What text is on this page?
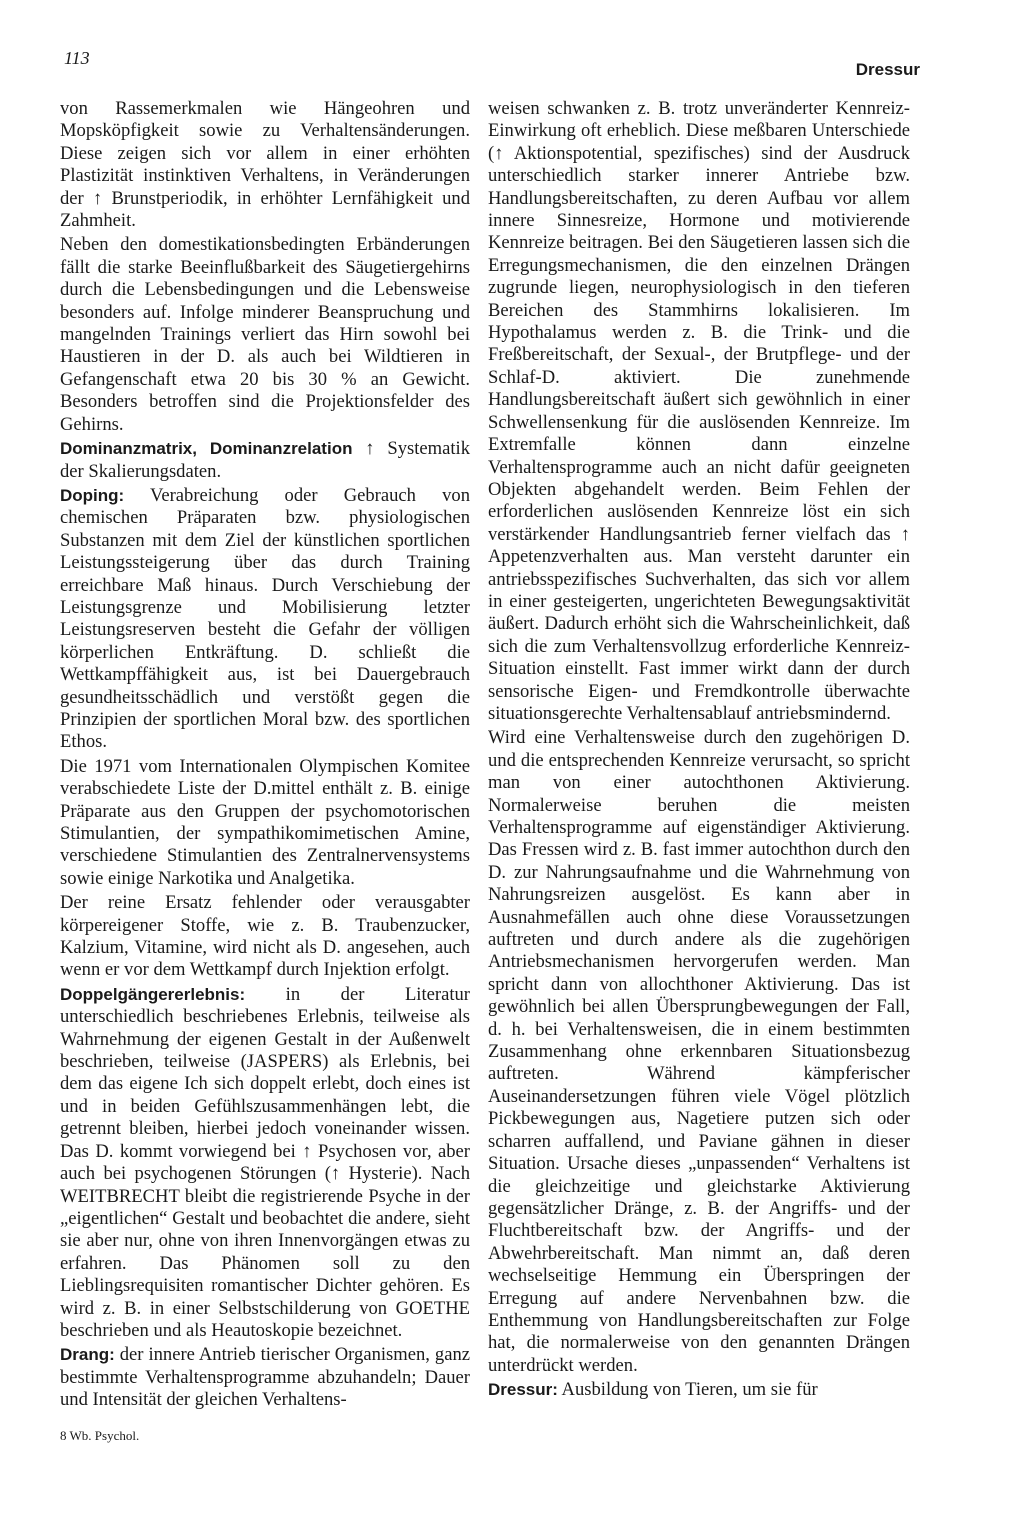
113
Dressur

von Rassemerkmalen wie Hängeohren und Mopsköpfigkeit sowie zu Verhaltensänderungen. Diese zeigen sich vor allem in einer erhöhten Plastizität instinktiven Verhaltens, in Veränderungen der ↑ Brunstperiodik, in erhöhter Lernfähigkeit und Zahmheit.

Neben den domestikationsbedingten Erbänderungen fällt die starke Beeinflußbarkeit des Säugetiergehirns durch die Lebensbedingungen und die Lebensweise besonders auf. Infolge minderer Beanspruchung und mangelnden Trainings verliert das Hirn sowohl bei Haustieren in der D. als auch bei Wildtieren in Gefangenschaft etwa 20 bis 30 % an Gewicht. Besonders betroffen sind die Projektionsfelder des Gehirns.

Dominanzmatrix, Dominanzrelation ↑ Systematik der Skalierungsdaten.

Doping: Verabreichung oder Gebrauch von chemischen Präparaten bzw. physiologischen Substanzen mit dem Ziel der künstlichen sportlichen Leistungssteigerung über das durch Training erreichbare Maß hinaus. Durch Verschiebung der Leistungsgrenze und Mobilisierung letzter Leistungsreserven besteht die Gefahr der völligen körperlichen Entkräftung. D. schließt die Wettkampffähigkeit aus, ist bei Dauergebrauch gesundheitsschädlich und verstößt gegen die Prinzipien der sportlichen Moral bzw. des sportlichen Ethos.

Die 1971 vom Internationalen Olympischen Komitee verabschiedete Liste der D.mittel enthält z. B. einige Präparate aus den Gruppen der psychomotorischen Stimulantien, der sympathikomimetischen Amine, verschiedene Stimulantien des Zentralnervensystems sowie einige Narkotika und Analgetika.

Der reine Ersatz fehlender oder verausgabter körpereigener Stoffe, wie z. B. Traubenzucker, Kalzium, Vitamine, wird nicht als D. angesehen, auch wenn er vor dem Wettkampf durch Injektion erfolgt.

Doppelgängererlebnis: in der Literatur unterschiedlich beschriebenes Erlebnis, teilweise als Wahrnehmung der eigenen Gestalt in der Außenwelt beschrieben, teilweise (JASPERS) als Erlebnis, bei dem das eigene Ich sich doppelt erlebt, doch eines ist und in beiden Gefühlszusammenhängen lebt, die getrennt bleiben, hierbei jedoch voneinander wissen. Das D. kommt vorwiegend bei ↑ Psychosen vor, aber auch bei psychogenen Störungen (↑ Hysterie). Nach WEITBRECHT bleibt die registrierende Psyche in der „eigentlichen“ Gestalt und beobachtet die andere, sieht sie aber nur, ohne von ihren Innenvorgängen etwas zu erfahren. Das Phänomen soll zu den Lieblingsrequisiten romantischer Dichter gehören. Es wird z. B. in einer Selbstschilderung von GOETHE beschrieben und als Heautoskopie bezeichnet.

Drang: der innere Antrieb tierischer Organismen, ganz bestimmte Verhaltensprogramme abzuhandeln; Dauer und Intensität der gleichen Verhaltens-

weisen schwanken z. B. trotz unveränderter Kennreiz-Einwirkung oft erheblich. Diese meßbaren Unterschiede (↑ Aktionspotential, spezifisches) sind der Ausdruck unterschiedlich starker innerer Antriebe bzw. Handlungsbereitschaften, zu deren Aufbau vor allem innere Sinnesreize, Hormone und motivierende Kennreize beitragen. Bei den Säugetieren lassen sich die Erregungsmechanismen, die den einzelnen Drängen zugrunde liegen, neurophysiologisch in den tieferen Bereichen des Stammhirns lokalisieren. Im Hypothalamus werden z. B. die Trink- und die Freßbereitschaft, der Sexual-, der Brutpflege- und der Schlaf-D. aktiviert. Die zunehmende Handlungsbereitschaft äußert sich gewöhnlich in einer Schwellensenkung für die auslösenden Kennreize. Im Extremfalle können dann einzelne Verhaltensprogramme auch an nicht dafür geeigneten Objekten abgehandelt werden. Beim Fehlen der erforderlichen auslösenden Kennreize löst ein sich verstärkender Handlungsantrieb ferner vielfach das ↑ Appetenzverhalten aus. Man versteht darunter ein antriebsspezifisches Suchverhalten, das sich vor allem in einer gesteigerten, ungerichteten Bewegungsaktivität äußert. Dadurch erhöht sich die Wahrscheinlichkeit, daß sich die zum Verhaltensvollzug erforderliche Kennreiz-Situation einstellt. Fast immer wirkt dann der durch sensorische Eigen- und Fremdkontrolle überwachte situationsgerechte Verhaltensablauf antriebsmindernd.

Wird eine Verhaltensweise durch den zugehörigen D. und die entsprechenden Kennreize verursacht, so spricht man von einer autochthonen Aktivierung. Normalerweise beruhen die meisten Verhaltensprogramme auf eigenständiger Aktivierung. Das Fressen wird z. B. fast immer autochthon durch den D. zur Nahrungsaufnahme und die Wahrnehmung von Nahrungsreizen ausgelöst. Es kann aber in Ausnahmefällen auch ohne diese Voraussetzungen auftreten und durch andere als die zugehörigen Antriebsmechanismen hervorgerufen werden. Man spricht dann von allochthoner Aktivierung. Das ist gewöhnlich bei allen Übersprungbewegungen der Fall, d. h. bei Verhaltensweisen, die in einem bestimmten Zusammenhang ohne erkennbaren Situationsbezug auftreten. Während kämpferischer Auseinandersetzungen führen viele Vögel plötzlich Pickbewegungen aus, Nagetiere putzen sich oder scharren auffallend, und Paviane gähnen in dieser Situation. Ursache dieses „unpassenden“ Verhaltens ist die gleichzeitige und gleichstarke Aktivierung gegensätzlicher Dränge, z. B. der Angriffs- und der Fluchtbereitschaft bzw. der Angriffs- und der Abwehrbereitschaft. Man nimmt an, daß deren wechselseitige Hemmung ein Überspringen der Erregung auf andere Nervenbahnen bzw. die Enthemmung von Handlungsbereitschaften zur Folge hat, die normalerweise von den genannten Drängen unterdrückt werden.

Dressur: Ausbildung von Tieren, um sie für

8 Wb. Psychol.
